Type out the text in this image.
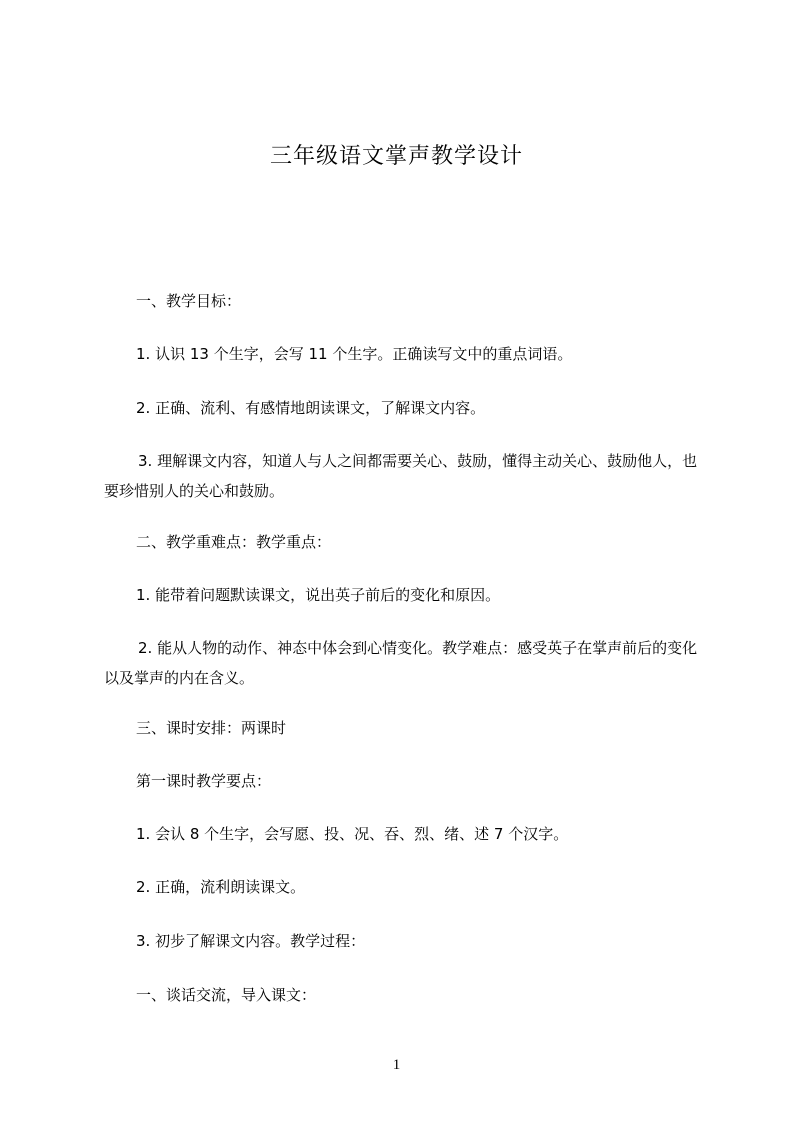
三年级语文掌声教学设计
一、教学目标：
1. 认识 13 个生字，会写 11 个生字。正确读写文中的重点词语。
2. 正确、流利、有感情地朗读课文，了解课文内容。
3. 理解课文内容，知道人与人之间都需要关心、鼓励，懂得主动关心、鼓励他人，也要珍惜别人的关心和鼓励。
二、教学重难点：教学重点：
1. 能带着问题默读课文，说出英子前后的变化和原因。
2. 能从人物的动作、神态中体会到心情变化。教学难点：感受英子在掌声前后的变化以及掌声的内在含义。
三、课时安排：两课时
第一课时教学要点：
1. 会认 8 个生字，会写愿、投、况、吞、烈、绪、述 7 个汉字。
2. 正确，流利朗读课文。
3. 初步了解课文内容。教学过程：
一、谈话交流，导入课文：
1
